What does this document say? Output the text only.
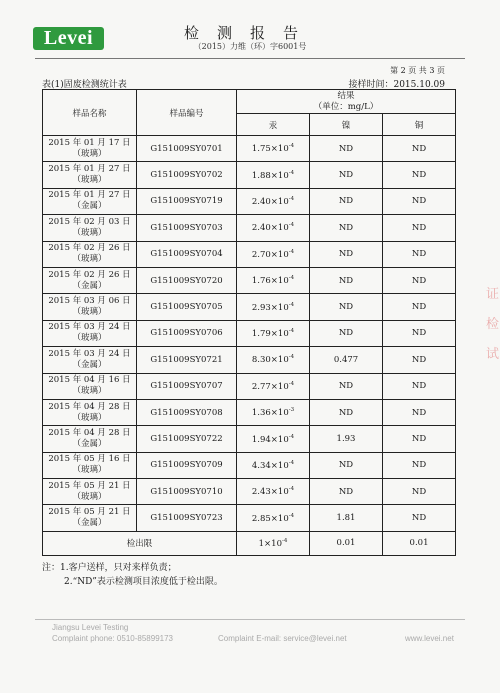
Levei	检测报告
（2015）力维（环）字6001号
第 2 页 共 3 页
表(1)固废检测统计表	接样时间：2015.10.09
样品名称	样品编号	结果
（单位：mg/L）		

		汞	镍	铜

2015 年 01 月 17 日
（玻璃）	G151009SY0701	$1.75\times 10^{-4}$	ND	ND

2015 年 01 月 27 日
（玻璃）	G151009SY0702	$1.88\times 10^{-4}$	ND	ND

2015 年 01 月 27 日
（金属）	G151009SY0719	$2.40\times 10^{-4}$	ND	ND

2015 年 02 月 03 日
（玻璃）	G151009SY0703	$2.40\times 10^{-4}$	ND	ND

2015 年 02 月 26 日
（玻璃）	G151009SY0704	$2.70\times 10^{-4}$	ND	ND

2015 年 02 月 26 日
（金属）	G151009SY0720	$1.76\times 10^{-4}$	ND	ND

2015 年 03 月 06 日
（玻璃）	G151009SY0705	$2.93\times 10^{-4}$	ND	ND

2015 年 03 月 24 日
（玻璃）	G151009SY0706	$1.79\times 10^{-4}$	ND	ND

2015 年 03 月 24 日
（金属）	G151009SY0721	$8.30\times 10^{-4}$	0.477	ND

2015 年 04 月 16 日
（玻璃）	G151009SY0707	$2.77\times 10^{-4}$	ND	ND

2015 年 04 月 28 日
（玻璃）	G151009SY0708	$1.36\times 10^{-3}$	ND	ND

2015 年 04 月 28 日
（金属）	G151009SY0722	$1.94\times 10^{-4}$	1.93	ND

2015 年 05 月 16 日
（玻璃）	G151009SY0709	$4.34\times 10^{-4}$	ND	ND

2015 年 05 月 21 日
（玻璃）	G151009SY0710	$2.43\times 10^{-4}$	ND	ND

2015 年 05 月 21 日
（金属）	G151009SY0723	$2.85\times 10^{-4}$	1.81	ND
检出限		$1\times 10^{-4}$	0.01	0.01
注：1.客户送样，只对来样负责；
2.“ND”表示检测项目浓度低于检出限。
Jiangsu Levei Testing
Complaint phone: 0510-85899173	Complaint E-mail: service@levei.net	www.levei.net
证 检 试
